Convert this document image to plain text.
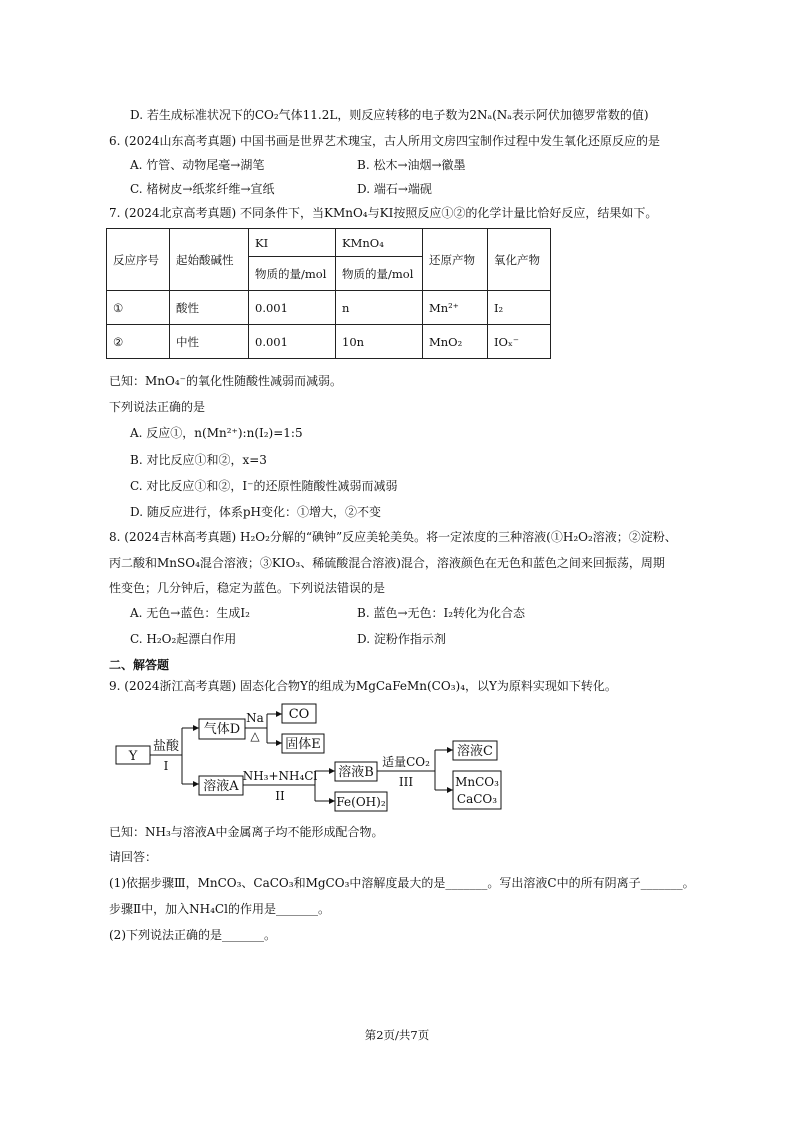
D. 若生成标准状况下的CO₂气体11.2L，则反应转移的电子数为2Nₐ(Nₐ表示阿伏加德罗常数的值)
6. (2024山东高考真题) 中国书画是世界艺术瑰宝，古人所用文房四宝制作过程中发生氧化还原反应的是
A. 竹管、动物尾毫→湖笔	B. 松木→油烟→徽墨
C. 楮树皮→纸浆纤维→宣纸	D. 端石→端砚
7. (2024北京高考真题) 不同条件下，当KMnO₄与KI按照反应①②的化学计量比恰好反应，结果如下。
反应序号	起始酸碱性	KI	KMnO₄	还原产物	氧化产物
		物质的量/mol	物质的量/mol		
①	酸性	0.001	n	Mn²⁺	I₂
②	中性	0.001	10n	MnO₂	IOₓ⁻
已知：MnO₄⁻的氧化性随酸性减弱而减弱。
下列说法正确的是
A. 反应①，n(Mn²⁺):n(I₂)=1:5
B. 对比反应①和②，x=3
C. 对比反应①和②，I⁻的还原性随酸性减弱而减弱
D. 随反应进行，体系pH变化：①增大，②不变
8. (2024吉林高考真题) H₂O₂分解的“碘钟”反应美轮美奂。将一定浓度的三种溶液(①H₂O₂溶液；②淀粉、
丙二酸和MnSO₄混合溶液；③KIO₃、稀硫酸混合溶液)混合，溶液颜色在无色和蓝色之间来回振荡，周期
性变色；几分钟后，稳定为蓝色。下列说法错误的是
A. 无色→蓝色：生成I₂	B. 蓝色→无色：I₂转化为化合态
C. H₂O₂起漂白作用	D. 淀粉作指示剂
二、解答题
9. (2024浙江高考真题) 固态化合物Y的组成为MgCaFeMn(CO₃)₄，以Y为原料实现如下转化。
Y
盐酸
I
气体D
Na
△
CO
固体E
溶液A
NH₃+NH₄Cl
II
溶液B
Fe(OH)₂
适量CO₂
III
溶液C
MnCO₃
CaCO₃
已知：NH₃与溶液A中金属离子均不能形成配合物。
请回答：
(1)依据步骤Ⅲ，MnCO₃、CaCO₃和MgCO₃中溶解度最大的是_______。写出溶液C中的所有阴离子_______。
步骤Ⅱ中，加入NH₄Cl的作用是_______。
(2)下列说法正确的是_______。
第2页/共7页
